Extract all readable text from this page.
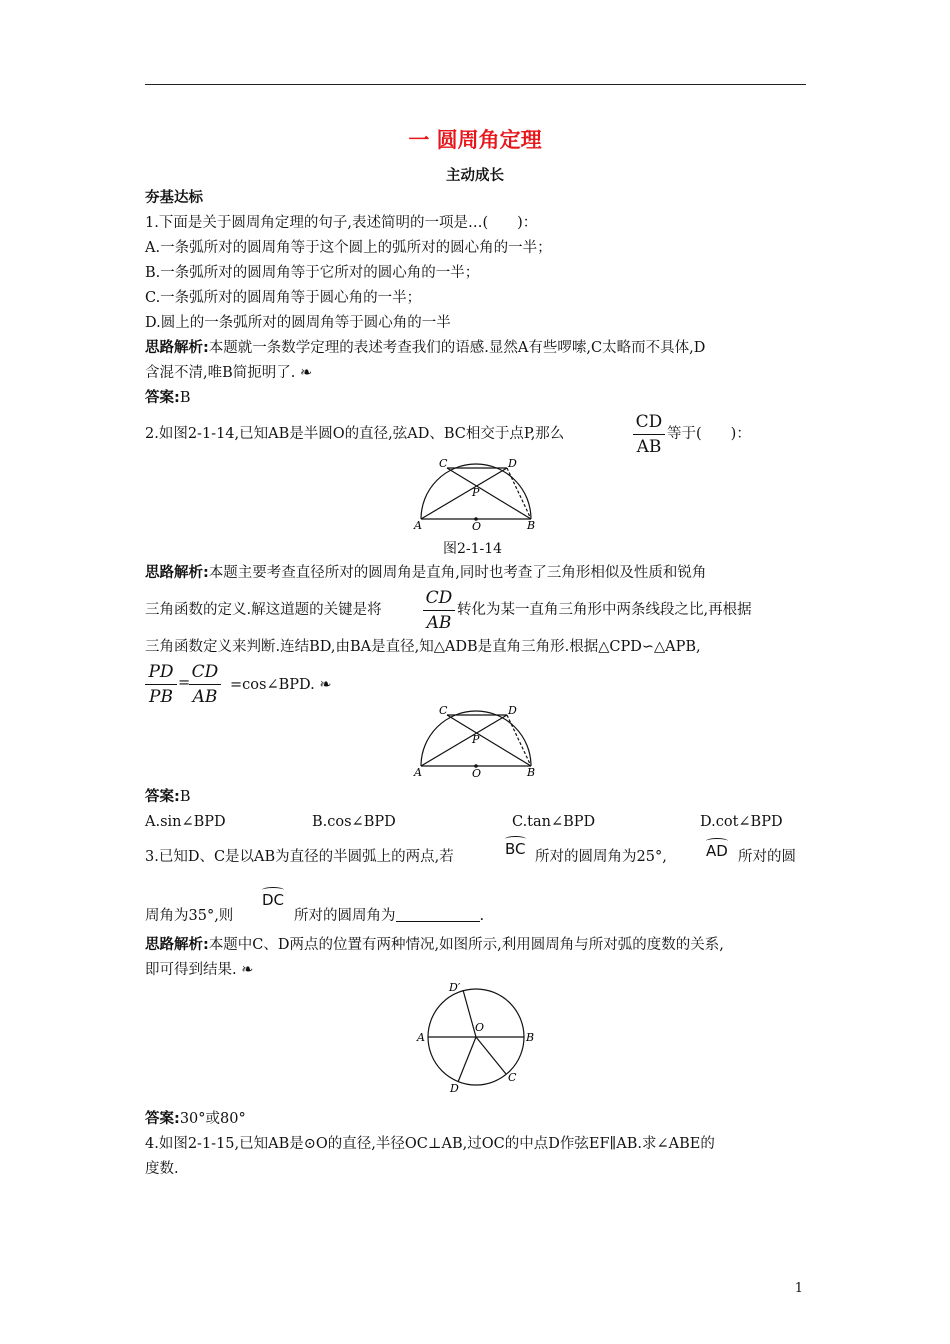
一 圆周角定理
主动成长
夯基达标
1.下面是关于圆周角定理的句子,表述简明的一项是…(　　)：
A.一条弧所对的圆周角等于这个圆上的弧所对的圆心角的一半；
B.一条弧所对的圆周角等于它所对的圆心角的一半；
C.一条弧所对的圆周角等于圆心角的一半；
D.圆上的一条弧所对的圆周角等于圆心角的一半
思路解析:本题就一条数学定理的表述考查我们的语感.显然A有些啰嗦,C太略而不具体,D
含混不清,唯B简扼明了. ❧
答案:B
2.如图2-1-14,已知AB是半圆O的直径,弦AD、BC相交于点P,那么
CD
AB
等于(　　)：
A	B
C	D
O
P
图2-1-14
思路解析:本题主要考查直径所对的圆周角是直角,同时也考查了三角形相似及性质和锐角
三角函数的定义.解这道题的关键是将
CD
AB
转化为某一直角三角形中两条线段之比,再根据
三角函数定义来判断.连结BD,由BA是直径,知△ADB是直角三角形.根据△CPD∽△APB,
PD
PB
=
CD
AB
=cos∠BPD. ❧
A	B
C	D
O
P
答案:B
A.sin∠BPD	B.cos∠BPD	C.tan∠BPD	D.cot∠BPD
3.已知D、C是以AB为直径的半圆弧上的两点,若	BC 所对的圆周角为25°,	AD 所对的圆
周角为35°,则
DC
所对的圆周角为	.
思路解析:本题中C、D两点的位置有两种情况,如图所示,利用圆周角与所对弧的度数的关系,
即可得到结果. ❧
A	B
C
D
D′
O
答案:30°或80°
4.如图2-1-15,已知AB是⊙O的直径,半径OC⊥AB,过OC的中点D作弦EF∥AB.求∠ABE的
度数.
1
